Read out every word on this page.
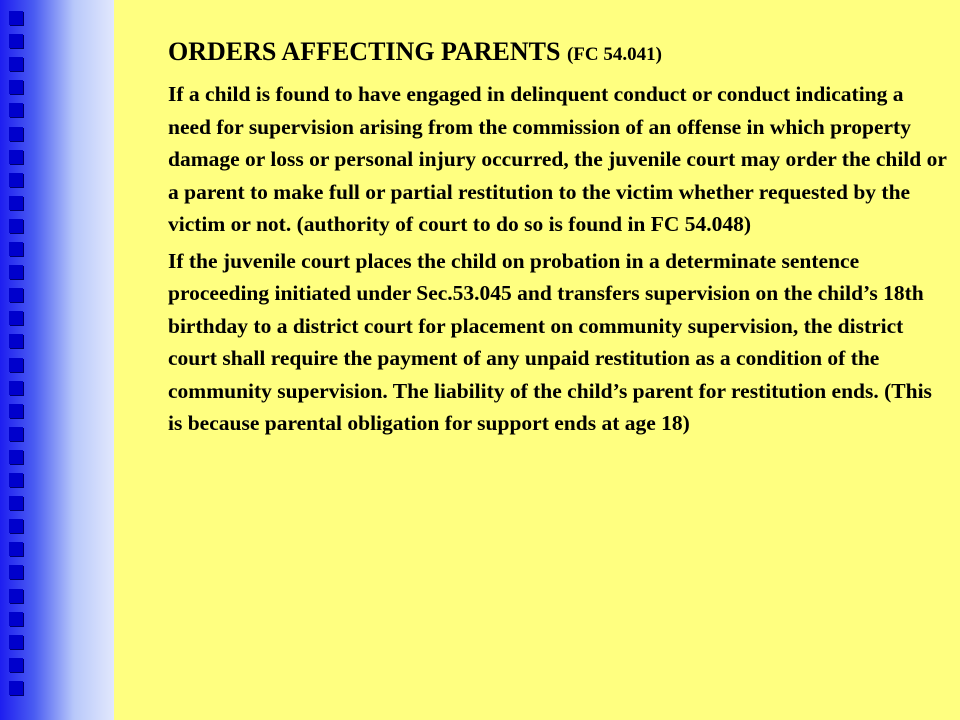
ORDERS AFFECTING PARENTS (FC 54.041)

If a child is found to have engaged in delinquent conduct or conduct indicating a need for supervision arising from the commission of an offense in which property damage or loss or personal injury occurred, the juvenile court may order the child or a parent to make full or partial restitution to the victim whether requested by the victim or not. (authority of court to do so is found in FC 54.048)

If the juvenile court places the child on probation in a determinate sentence proceeding initiated under Sec.53.045 and transfers supervision on the child’s 18th birthday to a district court for placement on community supervision, the district court shall require the payment of any unpaid restitution as a condition of the community supervision. The liability of the child’s parent for restitution ends. (This is because parental obligation for support ends at age 18)
